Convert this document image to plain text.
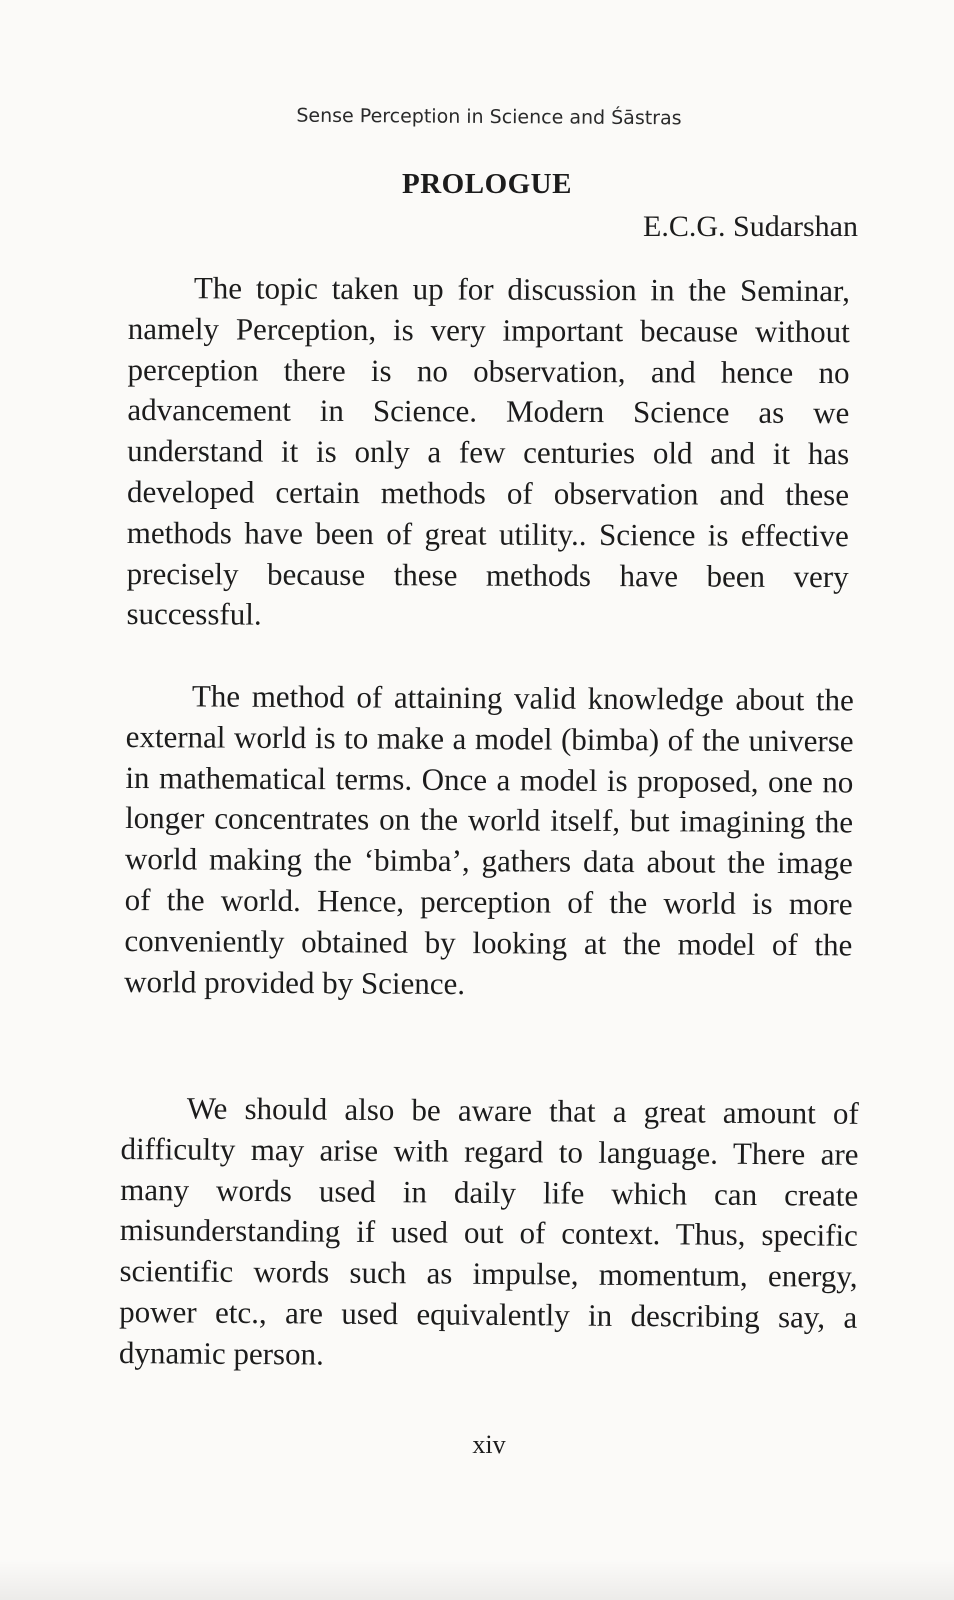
Sense Perception in Science and Śāstras
PROLOGUE
E.C.G. Sudarshan

The topic taken up for discussion in the Seminar, namely Perception, is very important because without perception there is no observation, and hence no advancement in Science. Modern Science as we understand it is only a few centuries old and it has developed certain methods of observation and these methods have been of great utility.. Science is effective precisely because these methods have been very successful.

The method of attaining valid knowledge about the external world is to make a model (bimba) of the universe in mathematical terms. Once a model is proposed, one no longer concentrates on the world itself, but imagining the world making the ‘bimba’, gathers data about the image of the world. Hence, perception of the world is more conveniently obtained by looking at the model of the world provided by Science.

We should also be aware that a great amount of difficulty may arise with regard to language. There are many words used in daily life which can create misunderstanding if used out of context. Thus, specific scientific words such as impulse, momentum, energy, power etc., are used equivalently in describing say, a dynamic person.

xiv
